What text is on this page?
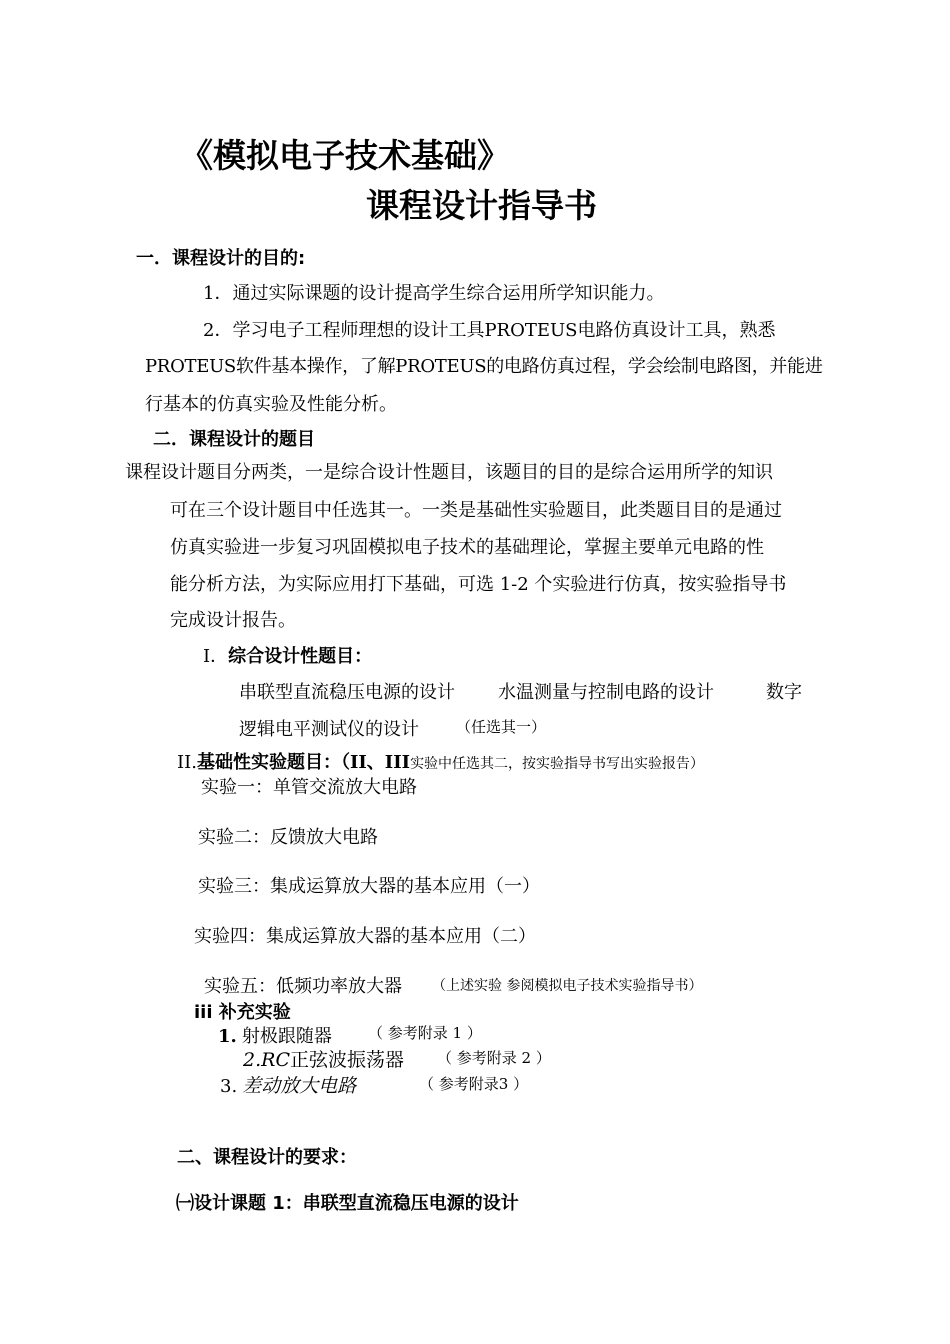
《模拟电子技术基础》
课程设计指导书
一．课程设计的目的:
1．通过实际课题的设计提高学生综合运用所学知识能力。
2．学习电子工程师理想的设计工具PROTEUS电路仿真设计工具，熟悉
PROTEUS软件基本操作，了解PROTEUS的电路仿真过程，学会绘制电路图，并能进
行基本的仿真实验及性能分析。
二．课程设计的题目
课程设计题目分两类，一是综合设计性题目，该题目的目的是综合运用所学的知识
可在三个设计题目中任选其一。一类是基础性实验题目，此类题目目的是通过
仿真实验进一步复习巩固模拟电子技术的基础理论，掌握主要单元电路的性
能分析方法，为实际应用打下基础，可选 1-2 个实验进行仿真，按实验指导书
完成设计报告。
I．综合设计性题目：
串联型直流稳压电源的设计 水温测量与控制电路的设计	数字
逻辑电平测试仪的设计 （任选其一）
II.基础性实验题目：（II、III实验中任选其二，按实验指导书写出实验报告）
实验一：单管交流放大电路
实验二：反馈放大电路
实验三：集成运算放大器的基本应用（一）
实验四：集成运算放大器的基本应用（二）
实验五：低频功率放大器 （上述实验 参阅模拟电子技术实验指导书）
iii 补充实验
1. 射极跟随器 （ 参考附录 1 ）
2.RC正弦波振荡器 （ 参考附录 2 ）
3. 差动放大电路	（ 参考附录3 ）
二、课程设计的要求：
㈠设计课题 1：串联型直流稳压电源的设计
